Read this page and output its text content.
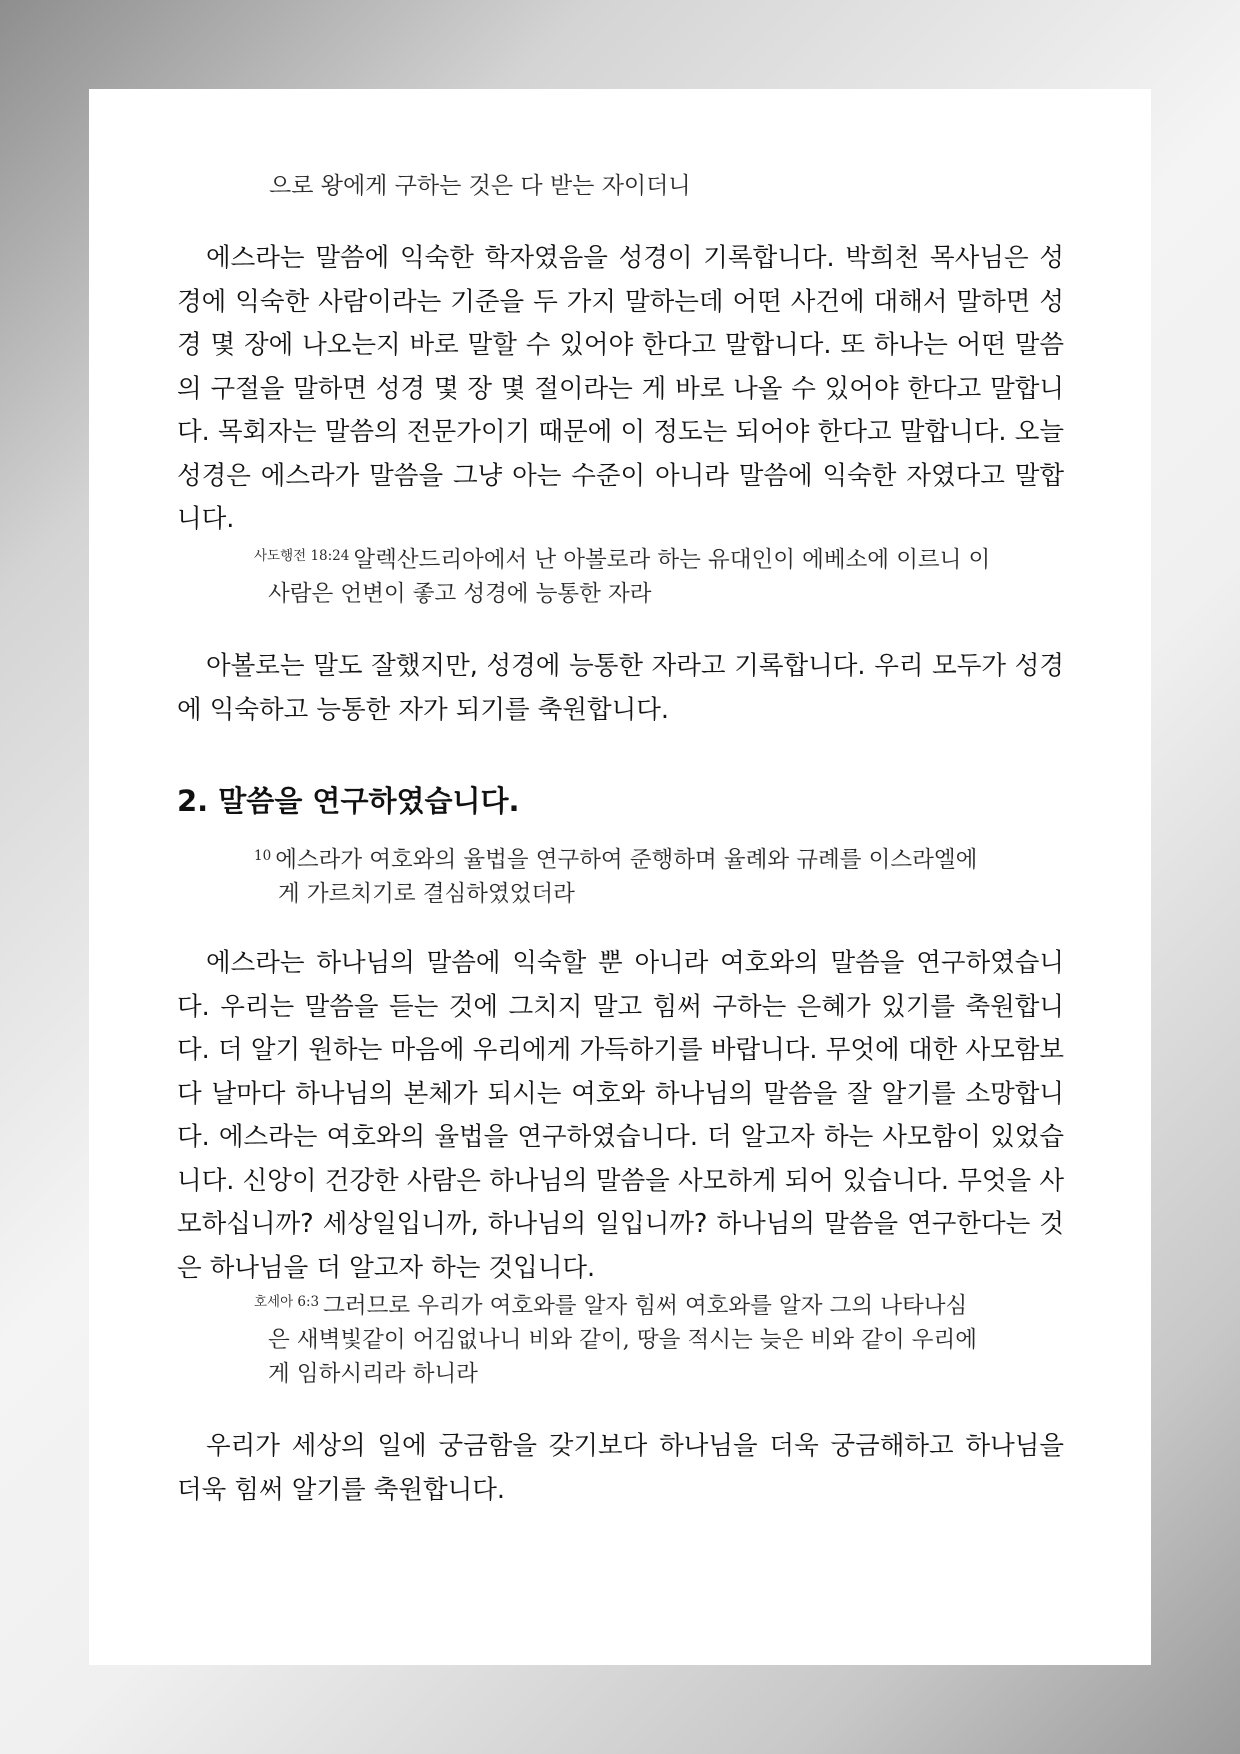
으로 왕에게 구하는 것은 다 받는 자이더니

에스라는 말씀에 익숙한 학자였음을 성경이 기록합니다. 박희천 목사님은 성경에 익숙한 사람이라는 기준을 두 가지 말하는데 어떤 사건에 대해서 말하면 성경 몇 장에 나오는지 바로 말할 수 있어야 한다고 말합니다. 또 하나는 어떤 말씀의 구절을 말하면 성경 몇 장 몇 절이라는 게 바로 나올 수 있어야 한다고 말합니다. 목회자는 말씀의 전문가이기 때문에 이 정도는 되어야 한다고 말합니다. 오늘 성경은 에스라가 말씀을 그냥 아는 수준이 아니라 말씀에 익숙한 자였다고 말합니다.

$^{사도행전 18:24}$ 알렉산드리아에서 난 아볼로라 하는 유대인이 에베소에 이르니 이
사람은 언변이 좋고 성경에 능통한 자라

아볼로는 말도 잘했지만, 성경에 능통한 자라고 기록합니다. 우리 모두가 성경에 익숙하고 능통한 자가 되기를 축원합니다.

2. 말씀을 연구하였습니다.
$^{10}$ 에스라가 여호와의 율법을 연구하여 준행하며 율례와 규례를 이스라엘에
게 가르치기로 결심하였었더라

에스라는 하나님의 말씀에 익숙할 뿐 아니라 여호와의 말씀을 연구하였습니다. 우리는 말씀을 듣는 것에 그치지 말고 힘써 구하는 은혜가 있기를 축원합니다. 더 알기 원하는 마음에 우리에게 가득하기를 바랍니다. 무엇에 대한 사모함보다 날마다 하나님의 본체가 되시는 여호와 하나님의 말씀을 잘 알기를 소망합니다. 에스라는 여호와의 율법을 연구하였습니다. 더 알고자 하는 사모함이 있었습니다. 신앙이 건강한 사람은 하나님의 말씀을 사모하게 되어 있습니다. 무엇을 사모하십니까? 세상일입니까, 하나님의 일입니까? 하나님의 말씀을 연구한다는 것은 하나님을 더 알고자 하는 것입니다.

$^{호세아 6:3}$ 그러므로 우리가 여호와를 알자 힘써 여호와를 알자 그의 나타나심
은 새벽빛같이 어김없나니 비와 같이, 땅을 적시는 늦은 비와 같이 우리에
게 임하시리라 하니라

우리가 세상의 일에 궁금함을 갖기보다 하나님을 더욱 궁금해하고 하나님을 더욱 힘써 알기를 축원합니다.
